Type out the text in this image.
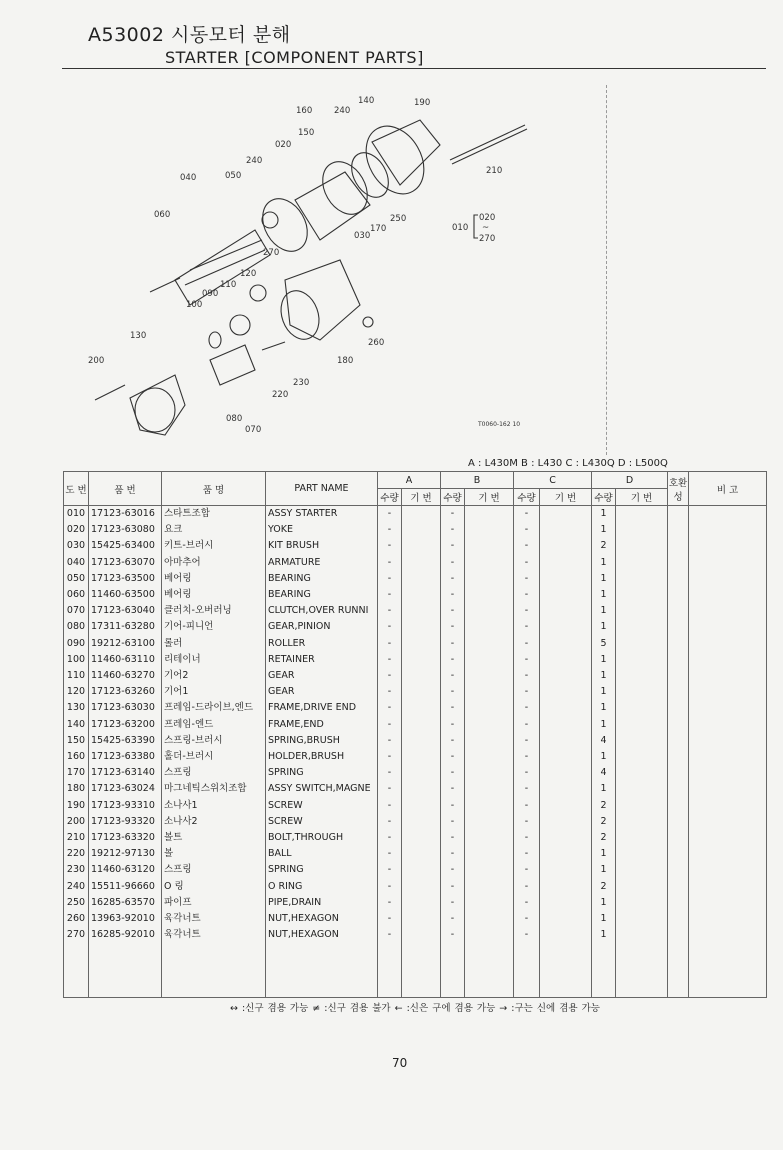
A53002 시동모터 분해
STARTER [COMPONENT PARTS]
140	190
160	240
150
020
210
240
040	050
060	250
170
030
010
020
~
270
270
120
110
090
100
130
200
260
180
230
220
080
070
T0060-162 10
A : L430M B : L430 C : L430Q D : L500Q
도 번	품 번	품 명	PART NAME	A		B		C		D		호환성	비 고
				수량	기 번	수량	기 번	수량	기 번	수량	기 번		
010	17123-63016	스타트조합	ASSY STARTER	-		-		-		1			
020	17123-63080	요크	YOKE	-		-		-		1			
030	15425-63400	키트-브러시	KIT BRUSH	-		-		-		2			
040	17123-63070	아마추어	ARMATURE	-		-		-		1			
050	17123-63500	베어링	BEARING	-		-		-		1			
060	11460-63500	베어링	BEARING	-		-		-		1			
070	17123-63040	클러치-오버러닝	CLUTCH,OVER RUNNI	-		-		-		1			
080	17311-63280	기어-피니언	GEAR,PINION	-		-		-		1			
090	19212-63100	롤러	ROLLER	-		-		-		5			
100	11460-63110	리테이너	RETAINER	-		-		-		1			
110	11460-63270	기어2	GEAR	-		-		-		1			
120	17123-63260	기어1	GEAR	-		-		-		1			
130	17123-63030	프레임-드라이브,엔드	FRAME,DRIVE END	-		-		-		1			
140	17123-63200	프레임-엔드	FRAME,END	-		-		-		1			
150	15425-63390	스프링-브러시	SPRING,BRUSH	-		-		-		4			
160	17123-63380	홀더-브러시	HOLDER,BRUSH	-		-		-		1			
170	17123-63140	스프링	SPRING	-		-		-		4			
180	17123-63024	마그네틱스위치조합	ASSY SWITCH,MAGNE	-		-		-		1			
190	17123-93310	소나사1	SCREW	-		-		-		2			
200	17123-93320	소나사2	SCREW	-		-		-		2			
210	17123-63320	볼트	BOLT,THROUGH	-		-		-		2			
220	19212-97130	볼	BALL	-		-		-		1			
230	11460-63120	스프링	SPRING	-		-		-		1			
240	15511-96660	O 링	O RING	-		-		-		2			
250	16285-63570	파이프	PIPE,DRAIN	-		-		-		1			
260	13963-92010	육각너트	NUT,HEXAGON	-		-		-		1			
270	16285-92010	육각너트	NUT,HEXAGON	-		-		-		1			

↔ :신구 겸용 가능 ≠ :신구 겸용 불가 ← :신은 구에 겸용 가능 → :구는 신에 겸용 가능
70
